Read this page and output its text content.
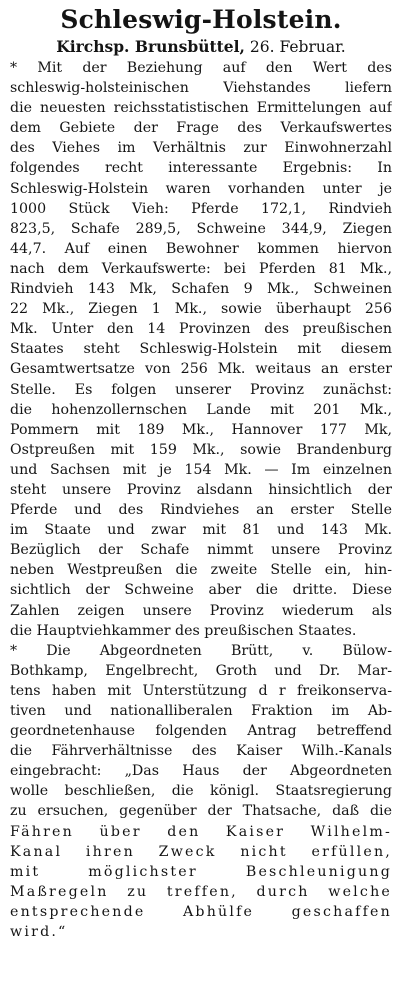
Schleswig-Holstein.
Kirchsp. Brunsbüttel, 26. Februar.
* Mit der Beziehung auf den Wert des
schleswig-holsteinischen Viehstandes liefern
die neuesten reichsstatistischen Ermittelungen auf
dem Gebiete der Frage des Verkaufswertes
des Viehes im Verhältnis zur Einwohnerzahl
folgendes recht interessante Ergebnis: In
Schleswig-Holstein waren vorhanden unter je
1000 Stück Vieh: Pferde 172,1, Rindvieh
823,5, Schafe 289,5, Schweine 344,9, Ziegen
44,7. Auf einen Bewohner kommen hiervon
nach dem Verkaufswerte: bei Pferden 81 Mk.,
Rindvieh 143 Mk, Schafen 9 Mk., Schweinen
22 Mk., Ziegen 1 Mk., sowie überhaupt 256
Mk. Unter den 14 Provinzen des preußischen
Staates steht Schleswig-Holstein mit diesem
Gesamtwertsatze von 256 Mk. weitaus an erster
Stelle. Es folgen unserer Provinz zunächst:
die hohenzollernschen Lande mit 201 Mk.,
Pommern mit 189 Mk., Hannover 177 Mk,
Ostpreußen mit 159 Mk., sowie Brandenburg
und Sachsen mit je 154 Mk. — Im einzelnen
steht unsere Provinz alsdann hinsichtlich der
Pferde und des Rindviehes an erster Stelle
im Staate und zwar mit 81 und 143 Mk.
Bezüglich der Schafe nimmt unsere Provinz
neben Westpreußen die zweite Stelle ein, hin-
sichtlich der Schweine aber die dritte. Diese
Zahlen zeigen unsere Provinz wiederum als
die Hauptviehkammer des preußischen Staates.
* Die Abgeordneten Brütt, v. Bülow-
Bothkamp, Engelbrecht, Groth und Dr. Mar-
tens haben mit Unterstützung d r freikonserva-
tiven und nationalliberalen Fraktion im Ab-
geordnetenhause folgenden Antrag betreffend
die Fährverhältnisse des Kaiser Wilh.-Kanals
eingebracht: „Das Haus der Abgeordneten
wolle beschließen, die königl. Staatsregierung
zu ersuchen, gegenüber der Thatsache, daß die
Fähren über den Kaiser Wilhelm-
Kanal ihren Zweck nicht erfüllen,
mit möglichster Beschleunigung
Maßregeln zu treffen, durch welche
entsprechende Abhülfe geschaffen
wird.“
